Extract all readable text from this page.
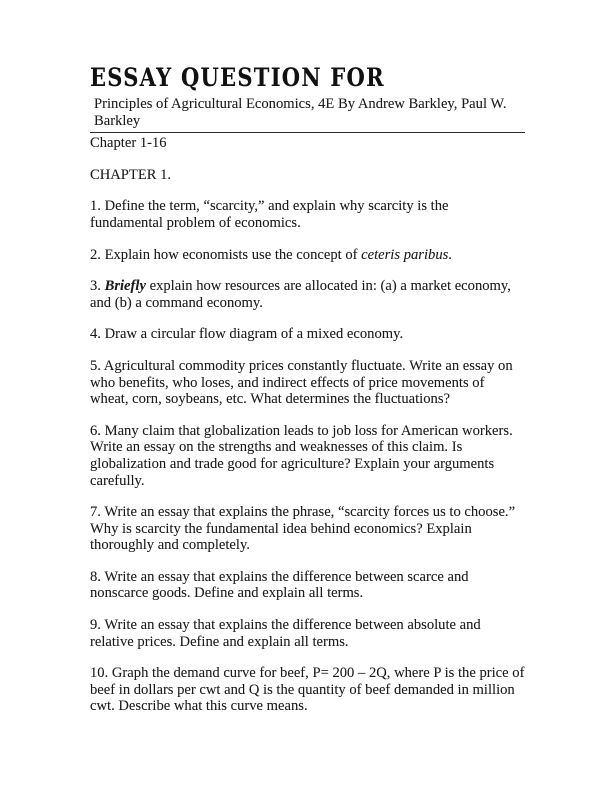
ESSAY QUESTION FOR
Principles of Agricultural Economics, 4E By Andrew Barkley, Paul W. Barkley
Chapter 1-16
CHAPTER 1.

1. Define the term, “scarcity,” and explain why scarcity is the fundamental problem of economics.

2. Explain how economists use the concept of ceteris paribus.

3. Briefly explain how resources are allocated in: (a) a market economy, and (b) a command economy.

4. Draw a circular flow diagram of a mixed economy.

5. Agricultural commodity prices constantly fluctuate. Write an essay on who benefits, who loses, and indirect effects of price movements of wheat, corn, soybeans, etc. What determines the fluctuations?

6. Many claim that globalization leads to job loss for American workers. Write an essay on the strengths and weaknesses of this claim. Is globalization and trade good for agriculture? Explain your arguments carefully.

7. Write an essay that explains the phrase, “scarcity forces us to choose.” Why is scarcity the fundamental idea behind economics? Explain thoroughly and completely.

8. Write an essay that explains the difference between scarce and nonscarce goods. Define and explain all terms.

9. Write an essay that explains the difference between absolute and relative prices. Define and explain all terms.

10. Graph the demand curve for beef, P= 200 – 2Q, where P is the price of beef in dollars per cwt and Q is the quantity of beef demanded in million cwt. Describe what this curve means.
